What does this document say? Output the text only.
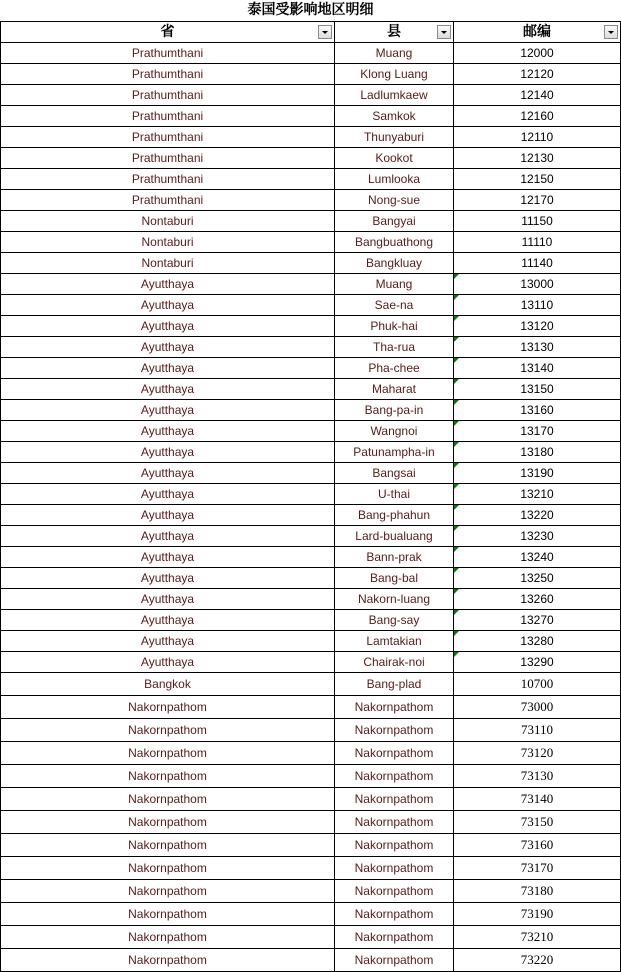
泰国受影响地区明细
省	县	邮编

Prathumthani	Muang	12000
Prathumthani	Klong Luang	12120
Prathumthani	Ladlumkaew	12140
Prathumthani	Samkok	12160
Prathumthani	Thunyaburi	12110
Prathumthani	Kookot	12130
Prathumthani	Lumlooka	12150
Prathumthani	Nong-sue	12170
Nontaburi	Bangyai	11150
Nontaburi	Bangbuathong	11110
Nontaburi	Bangkluay	11140
Ayutthaya	Muang	13000
Ayutthaya	Sae-na	13110
Ayutthaya	Phuk-hai	13120
Ayutthaya	Tha-rua	13130
Ayutthaya	Pha-chee	13140
Ayutthaya	Maharat	13150
Ayutthaya	Bang-pa-in	13160
Ayutthaya	Wangnoi	13170
Ayutthaya	Patunampha-in	13180
Ayutthaya	Bangsai	13190
Ayutthaya	U-thai	13210
Ayutthaya	Bang-phahun	13220
Ayutthaya	Lard-bualuang	13230
Ayutthaya	Bann-prak	13240
Ayutthaya	Bang-bal	13250
Ayutthaya	Nakorn-luang	13260
Ayutthaya	Bang-say	13270
Ayutthaya	Lamtakian	13280
Ayutthaya	Chairak-noi	13290
Bangkok	Bang-plad	10700
Nakornpathom	Nakornpathom	73000
Nakornpathom	Nakornpathom	73110
Nakornpathom	Nakornpathom	73120
Nakornpathom	Nakornpathom	73130
Nakornpathom	Nakornpathom	73140
Nakornpathom	Nakornpathom	73150
Nakornpathom	Nakornpathom	73160
Nakornpathom	Nakornpathom	73170
Nakornpathom	Nakornpathom	73180
Nakornpathom	Nakornpathom	73190
Nakornpathom	Nakornpathom	73210
Nakornpathom	Nakornpathom	73220
